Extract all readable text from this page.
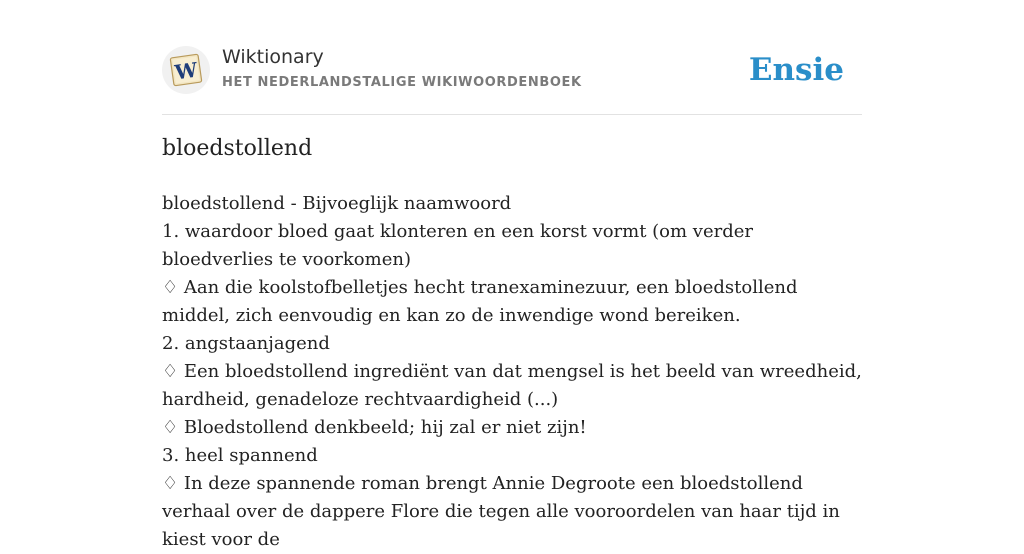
W
Wiktionary
HET NEDERLANDSTALIGE WIKIWOORDENBOEK	Ensie
bloedstollend

bloedstollend - Bijvoeglijk naamwoord

1. waardoor bloed gaat klonteren en een korst vormt (om verder bloedverlies te voorkomen)

♢ Aan die koolstofbelletjes hecht tranexaminezuur, een bloedstollend middel, zich eenvoudig en kan zo de inwendige wond bereiken.

2. angstaanjagend

♢ Een bloedstollend ingrediënt van dat mengsel is het beeld van wreedheid, hardheid, genadeloze rechtvaardigheid (...)

♢ Bloedstollend denkbeeld; hij zal er niet zijn!

3. heel spannend

♢ In deze spannende roman brengt Annie Degroote een bloedstollend verhaal over de dappere Flore die tegen alle vooroordelen van haar tijd in kiest voor de
